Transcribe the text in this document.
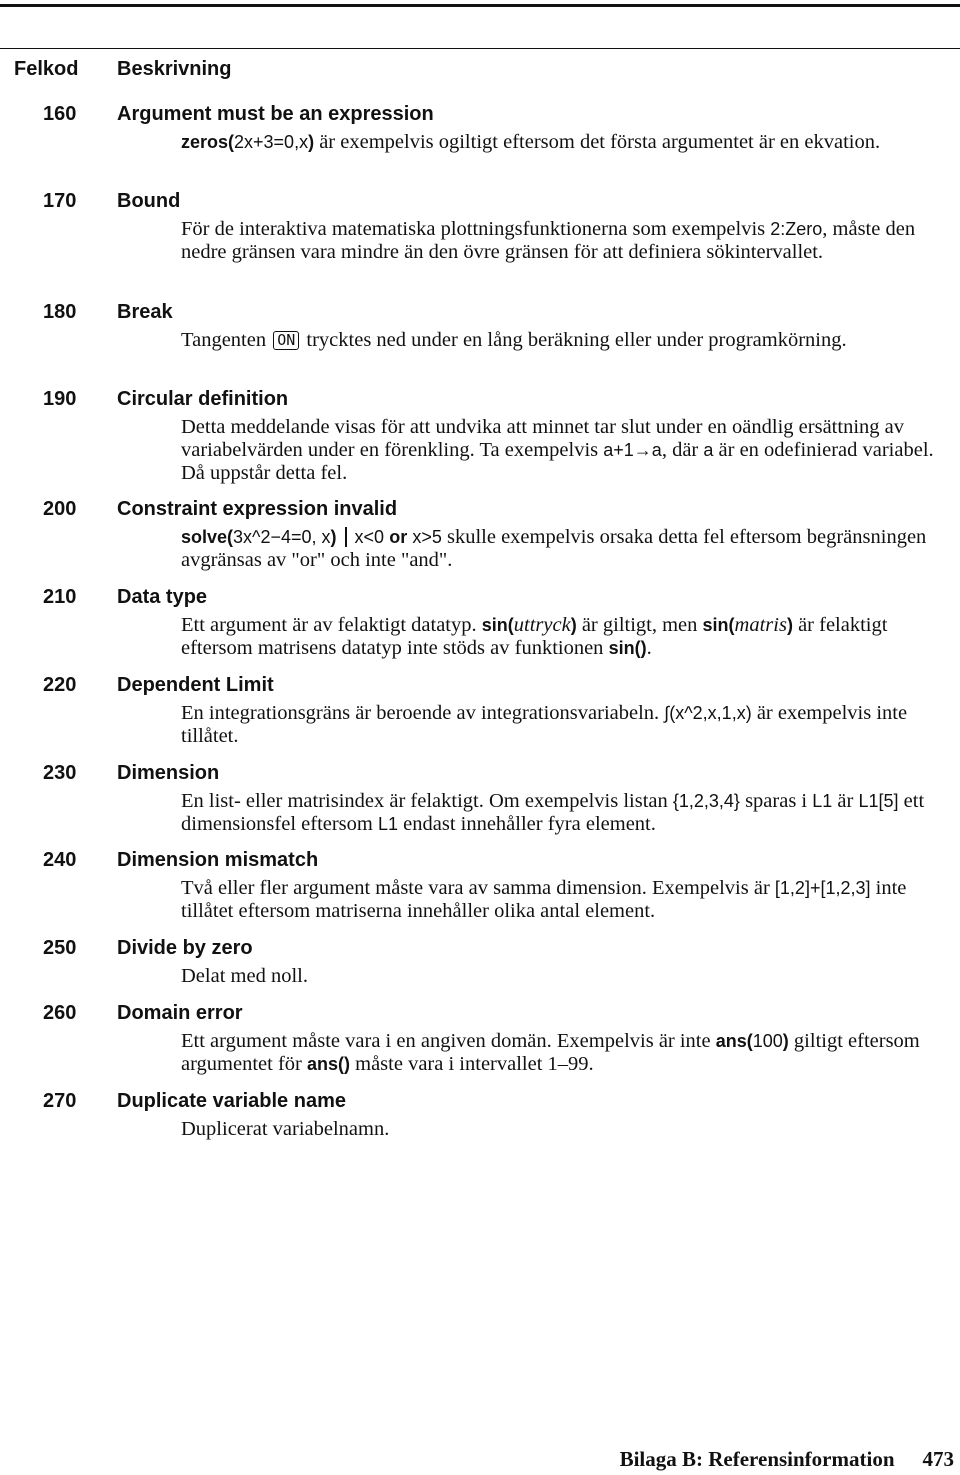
Felkod Beskrivning
160 Argument must be an expression
zeros(2x+3=0,x) är exempelvis ogiltigt eftersom det första argumentet är en ekvation.
170 Bound
För de interaktiva matematiska plottningsfunktionerna som exempelvis 2:Zero, måste den nedre gränsen vara mindre än den övre gränsen för att definiera sökintervallet.
180 Break
Tangenten ON trycktes ned under en lång beräkning eller under programkörning.
190 Circular definition
Detta meddelande visas för att undvika att minnet tar slut under en oändlig ersättning av variabelvärden under en förenkling. Ta exempelvis a+1→a, där a är en odefinierad variabel. Då uppstår detta fel.
200 Constraint expression invalid
solve(3x^2−4=0, x) x<0 or x>5 skulle exempelvis orsaka detta fel eftersom begränsningen avgränsas av "or" och inte "and".
210 Data type
Ett argument är av felaktigt datatyp. sin(uttryck) är giltigt, men sin(matris) är felaktigt eftersom matrisens datatyp inte stöds av funktionen sin().
220 Dependent Limit
En integrationsgräns är beroende av integrationsvariabeln. ∫(x^2,x,1,x) är exempelvis inte tillåtet.
230 Dimension
En list- eller matrisindex är felaktigt. Om exempelvis listan {1,2,3,4} sparas i L1 är L1[5] ett dimensionsfel eftersom L1 endast innehåller fyra element.
240 Dimension mismatch
Två eller fler argument måste vara av samma dimension. Exempelvis är [1,2]+[1,2,3] inte tillåtet eftersom matriserna innehåller olika antal element.
250 Divide by zero
Delat med noll.
260 Domain error
Ett argument måste vara i en angiven domän. Exempelvis är inte ans(100) giltigt eftersom argumentet för ans() måste vara i intervallet 1–99.
270 Duplicate variable name
Duplicerat variabelnamn.
Bilaga B: Referensinformation 473
